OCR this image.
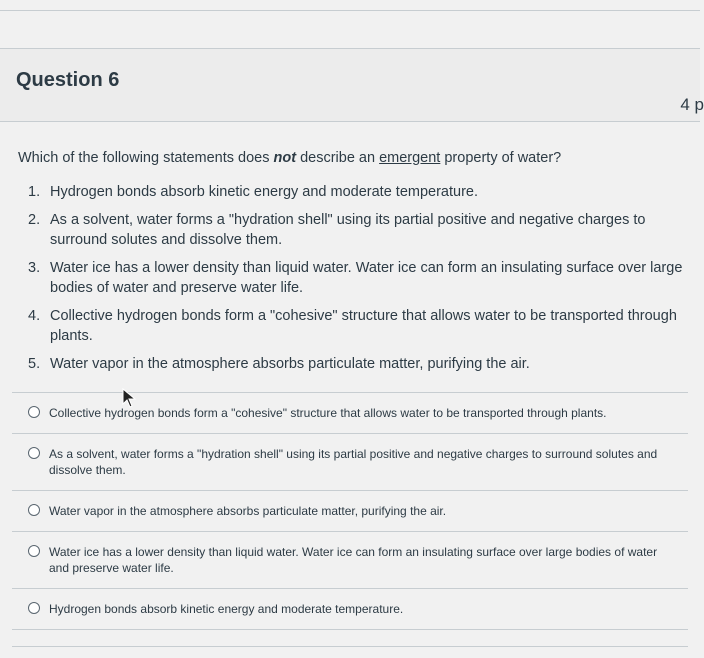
Question 6
4 p
Which of the following statements does not describe an emergent property of water?
1. Hydrogen bonds absorb kinetic energy and moderate temperature.
2. As a solvent, water forms a "hydration shell" using its partial positive and negative charges to surround solutes and dissolve them.
3. Water ice has a lower density than liquid water. Water ice can form an insulating surface over large bodies of water and preserve water life.
4. Collective hydrogen bonds form a "cohesive" structure that allows water to be transported through plants.
5. Water vapor in the atmosphere absorbs particulate matter, purifying the air.
Collective hydrogen bonds form a "cohesive" structure that allows water to be transported through plants.
As a solvent, water forms a "hydration shell" using its partial positive and negative charges to surround solutes and dissolve them.
Water vapor in the atmosphere absorbs particulate matter, purifying the air.
Water ice has a lower density than liquid water. Water ice can form an insulating surface over large bodies of water and preserve water life.
Hydrogen bonds absorb kinetic energy and moderate temperature.
